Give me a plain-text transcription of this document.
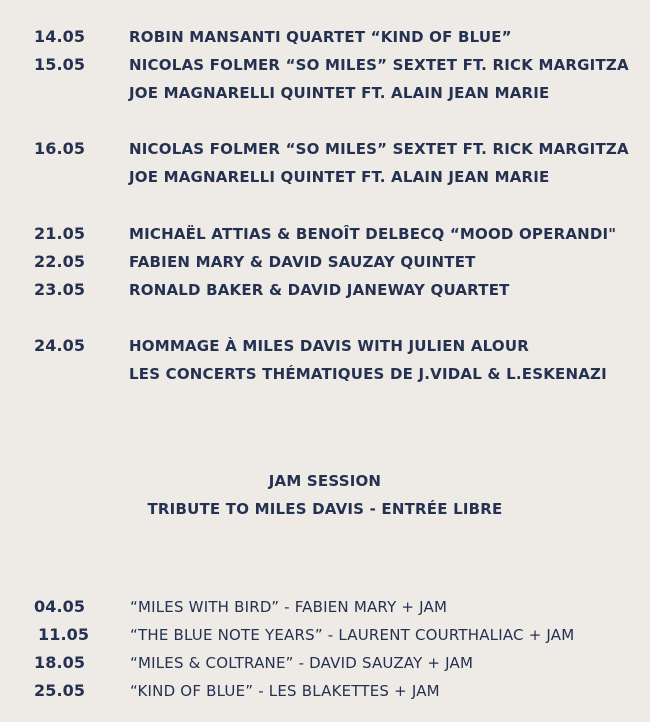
14.05	ROBIN MANSANTI QUARTET “KIND OF BLUE”
15.05	NICOLAS FOLMER “SO MILES” SEXTET FT. RICK MARGITZA
JOE MAGNARELLI QUINTET FT. ALAIN JEAN MARIE
16.05	NICOLAS FOLMER “SO MILES” SEXTET FT. RICK MARGITZA
JOE MAGNARELLI QUINTET FT. ALAIN JEAN MARIE
21.05	MICHAËL ATTIAS & BENOÎT DELBECQ “MOOD OPERANDI"
22.05	FABIEN MARY & DAVID SAUZAY QUINTET
23.05	RONALD BAKER & DAVID JANEWAY QUARTET
24.05	HOMMAGE À MILES DAVIS WITH JULIEN ALOUR
LES CONCERTS THÉMATIQUES DE J.VIDAL & L.ESKENAZI
JAM SESSION
TRIBUTE TO MILES DAVIS - ENTRÉE LIBRE
04.05	“MILES WITH BIRD” - FABIEN MARY + JAM
11.05	“THE BLUE NOTE YEARS” - LAURENT COURTHALIAC + JAM
18.05	“MILES & COLTRANE” - DAVID SAUZAY + JAM
25.05	“KIND OF BLUE” - LES BLAKETTES + JAM
